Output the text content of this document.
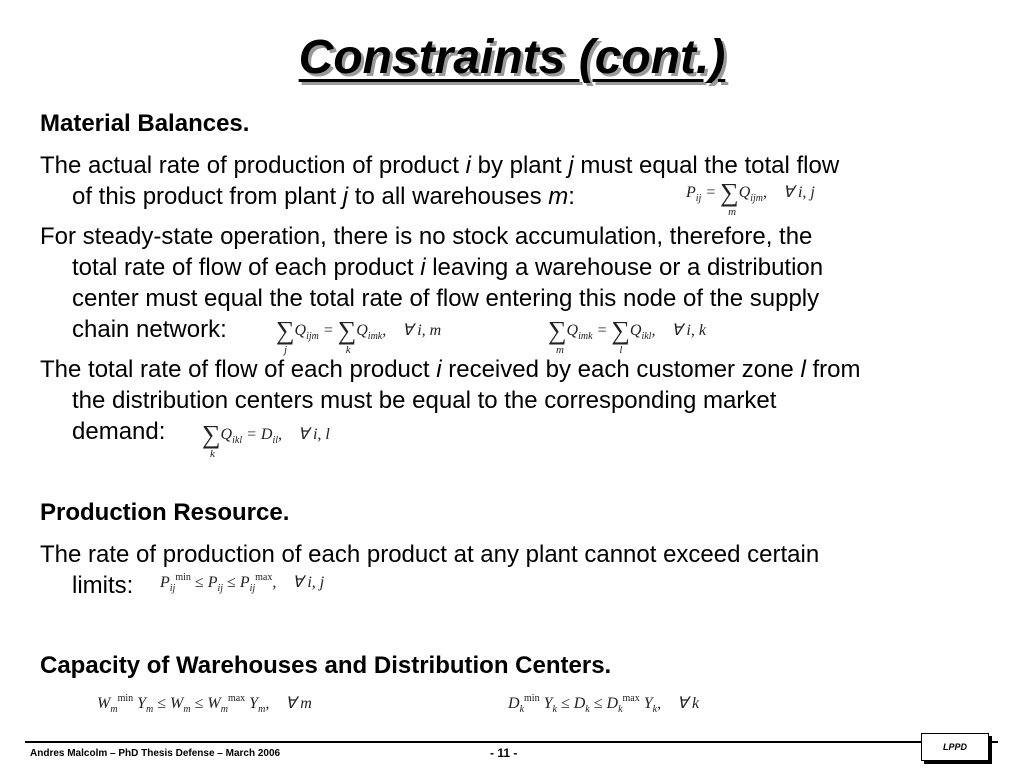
Constraints (cont.)

Material Balances.

The actual rate of production of product i by plant j must equal the total flow
of this product from plant j to all warehouses m:	$P_{ij}$ = ∑
m
$Q_{ijm}$, ∀ i, j

For steady-state operation, there is no stock accumulation, therefore, the
total rate of flow of each product i leaving a warehouse or a distribution
center must equal the total rate of flow entering this node of the supply
chain network:	∑
j
$Q_{ijm}$ = ∑
k
$Q_{imk}$, ∀ i, m	∑
m
$Q_{imk}$ = ∑
l
$Q_{ikl}$, ∀ i, k

The total rate of flow of each product i received by each customer zone l from
the distribution centers must be equal to the corresponding market
demand:	∑
k
$Q_{ikl} = D_{il}$, ∀ i, l

Production Resource.

The rate of production of each product at any plant cannot exceed certain
limits:	$P_{ij}^{min} \le P_{ij} \le P_{ij}^{max}$, ∀ i, j

Capacity of Warehouses and Distribution Centers.

$W_m^{min}$ $Y_m \le W_m \le W_m^{max}$ $Y_m$, ∀ m	$D_k^{min}$ $Y_k \le D_k \le D_k^{max}$ $Y_k$, ∀ k
Andres Malcolm – PhD Thesis Defense – March 2006	- 11 -	LPPD
